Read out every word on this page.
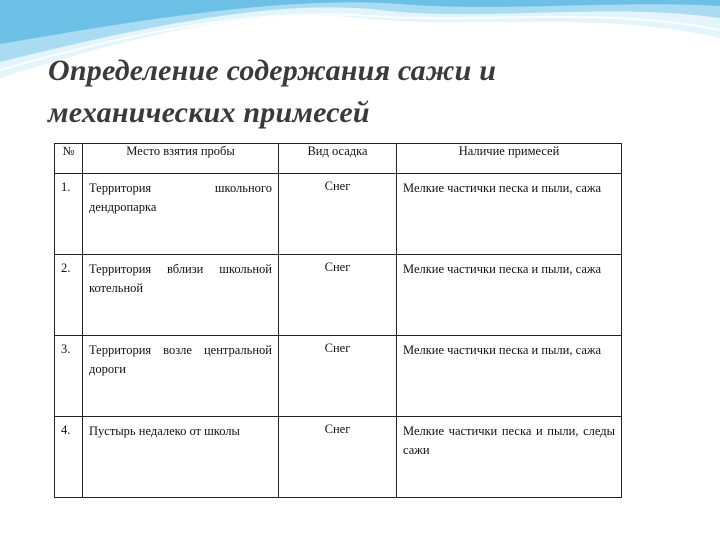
Определение содержания сажи и
механических примесей
№	Место взятия пробы	Вид осадка	Наличие примесей
1.	Территория школьного дендропарка	Снег	Мелкие частички песка и пыли, сажа

2.	Территория вблизи школьной котельной	Снег	Мелкие частички песка и пыли, сажа

3.	Территория возле центральной дороги	Снег	Мелкие частички песка и пыли, сажа

4.	Пустырь недалеко от школы	Снег	Мелкие частички песка и пыли, следы сажи
